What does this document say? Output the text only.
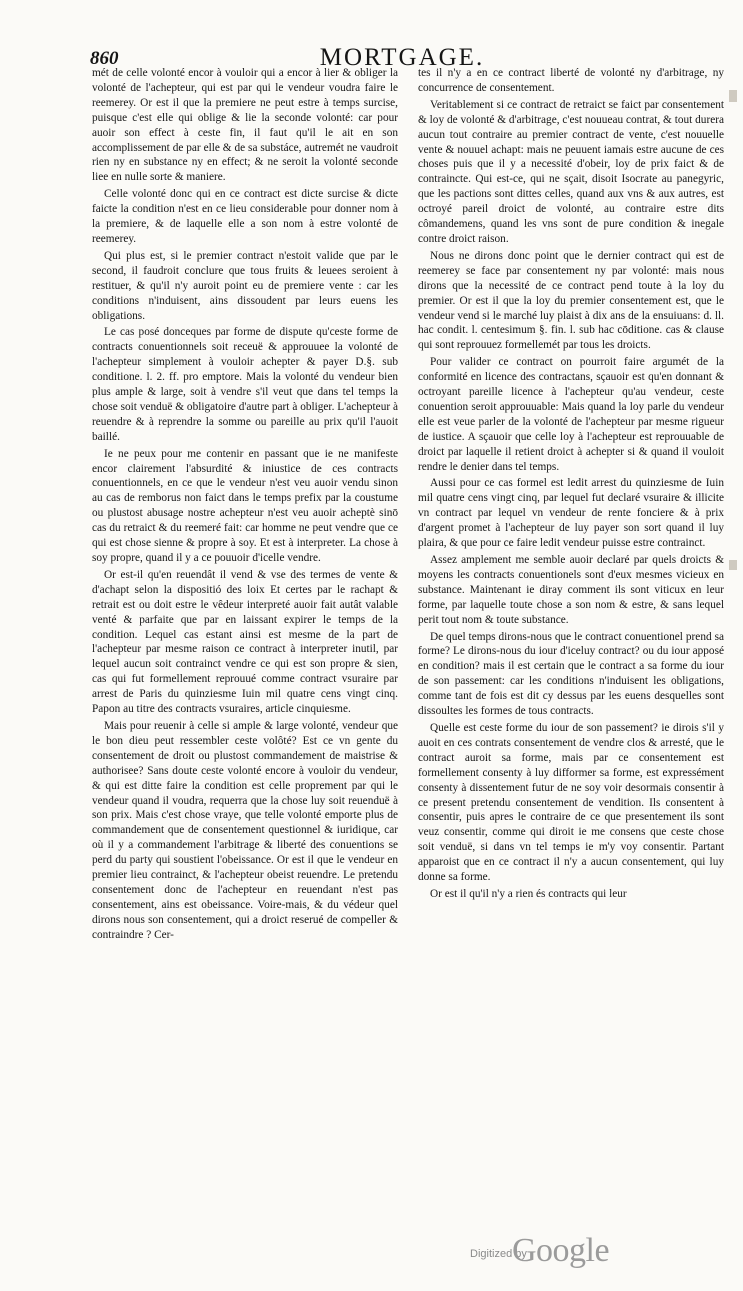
860	MORTGAGE.

mét de celle volonté encor à vouloir qui a encor à lier & obliger la volonté de l'achepteur, qui est par qui le vendeur voudra faire le reemerey. Or est il que la premiere ne peut estre à temps surcise, puisque c'est elle qui oblige & lie la seconde volonté: car pour auoir son effect à ceste fin, il faut qu'il le ait en son accomplissement de par elle & de sa substáce, autremét ne vaudroit rien ny en substance ny en effect; & ne seroit la volonté seconde liee en nulle sorte & maniere.

Celle volonté donc qui en ce contract est dicte surcise & dicte faicte la condition n'est en ce lieu considerable pour donner nom à la premiere, & de laquelle elle a son nom à estre volonté de reemerey.

Qui plus est, si le premier contract n'estoit valide que par le second, il faudroit conclure que tous fruits & leuees seroient à restituer, & qu'il n'y auroit point eu de premiere vente : car les conditions n'induisent, ains dissoudent par leurs euens les obligations.

Le cas posé donceques par forme de dispute qu'ceste forme de contracts conuentionnels soit receuë & approuuee la volonté de l'achepteur simplement à vouloir achepter & payer D.§. sub conditione. l. 2. ff. pro emptore. Mais la volonté du vendeur bien plus ample & large, soit à vendre s'il veut que dans tel temps la chose soit venduë & obligatoire d'autre part à obliger. L'achepteur à reuendre & à reprendre la somme ou pareille au prix qu'il l'auoit baillé.

Ie ne peux pour me contenir en passant que ie ne manifeste encor clairement l'absurdité & iniustice de ces contracts conuentionnels, en ce que le vendeur n'est veu auoir vendu sinon au cas de remborus non faict dans le temps prefix par la coustume ou plustost abusage nostre achepteur n'est veu auoir acheptè sinō cas du retraict & du reemeré fait: car homme ne peut vendre que ce qui est chose sienne & propre à soy. Et est à interpreter. La chose à soy propre, quand il y a ce pouuoir d'icelle vendre.

Or est-il qu'en reuendât il vend & vse des termes de vente & d'achapt selon la dispositió des loix Et certes par le rachapt & retrait est ou doit estre le vêdeur interpreté auoir fait autât valable venté & parfaite que par en laissant expirer le temps de la condition. Lequel cas estant ainsi est mesme de la part de l'achepteur par mesme raison ce contract à interpreter inutil, par lequel aucun soit contrainct vendre ce qui est son propre & sien, cas qui fut formellement reprouué comme contract vsuraire par arrest de Paris du quinziesme Iuin mil quatre cens vingt cinq. Papon au titre des contracts vsuraires, article cinquiesme.

Mais pour reuenir à celle si ample & large volonté, vendeur que le bon dieu peut ressembler ceste volôté? Est ce vn gente du consentement de droit ou plustost commandement de maistrise & authorisee? Sans doute ceste volonté encore à vouloir du vendeur, & qui est ditte faire la condition est celle proprement par qui le vendeur quand il voudra, requerra que la chose luy soit reuenduë à son prix. Mais c'est chose vraye, que telle volonté emporte plus de commandement que de consentement questionnel & iuridique, car où il y a commandement l'arbitrage & liberté des conuentions se perd du party qui soustient l'obeissance. Or est il que le vendeur en premier lieu contrainct, & l'achepteur obeist reuendre. Le pretendu consentement donc de l'achepteur en reuendant n'est pas consentement, ains est obeissance. Voire-mais, & du védeur quel dirons nous son consentement, qui a droict reserué de compeller & contraindre ? Cer-

tes il n'y a en ce contract liberté de volonté ny d'arbitrage, ny concurrence de consentement.

Veritablement si ce contract de retraict se faict par consentement & loy de volonté & d'arbitrage, c'est nouueau contrat, & tout durera aucun tout contraire au premier contract de vente, c'est nouuelle vente & nouuel achapt: mais ne peuuent iamais estre aucune de ces choses puis que il y a necessité d'obeir, loy de prix faict & de contraincte. Qui est-ce, qui ne sçait, disoit Isocrate au panegyric, que les pactions sont dittes celles, quand aux vns & aux autres, est octroyé pareil droict de volonté, au contraire estre dits cômandemens, quand les vns sont de pure condition & inegale contre droict raison.

Nous ne dirons donc point que le dernier contract qui est de reemerey se face par consentement ny par volonté: mais nous dirons que la necessité de ce contract pend toute à la loy du premier. Or est il que la loy du premier consentement est, que le vendeur vend si le marché luy plaist à dix ans de la ensuiuans: d. ll. hac condit. l. centesimum §. fin. l. sub hac cōditione. cas & clause qui sont reprouuez formellemét par tous les droicts.

Pour valider ce contract on pourroit faire argumét de la conformité en licence des contractans, sçauoir est qu'en donnant & octroyant pareille licence à l'achepteur qu'au vendeur, ceste conuention seroit approuuable: Mais quand la loy parle du vendeur elle est veue parler de la volonté de l'achepteur par mesme rigueur de iustice. A sçauoir que celle loy à l'achepteur est reprouuable de droict par laquelle il retient droict à achepter si & quand il vouloit rendre le denier dans tel temps.

Aussi pour ce cas formel est ledit arrest du quinziesme de Iuin mil quatre cens vingt cinq, par lequel fut declaré vsuraire & illicite vn contract par lequel vn vendeur de rente fonciere & à prix d'argent promet à l'achepteur de luy payer son sort quand il luy plaira, & que pour ce faire ledit vendeur puisse estre contrainct.

Assez amplement me semble auoir declaré par quels droicts & moyens les contracts conuentionels sont d'eux mesmes vicieux en substance. Maintenant ie diray comment ils sont viticux en leur forme, par laquelle toute chose a son nom & estre, & sans lequel perit tout nom & toute substance.

De quel temps dirons-nous que le contract conuentionel prend sa forme? Le dirons-nous du iour d'iceluy contract? ou du iour apposé en condition? mais il est certain que le contract a sa forme du iour de son passement: car les conditions n'induisent les obligations, comme tant de fois est dit cy dessus par les euens desquelles sont dissoultes les formes de tous contracts.

Quelle est ceste forme du iour de son passement? ie dirois s'il y auoit en ces contrats consentement de vendre clos & arresté, que le contract auroit sa forme, mais par ce consentement est formellement consenty à luy difformer sa forme, est expressément consenty à dissentement futur de ne soy voir desormais consentir à ce present pretendu consentement de vendition. Ils consentent à consentir, puis apres le contraire de ce que presentement ils sont veuz consentir, comme qui diroit ie me consens que ceste chose soit venduë, si dans vn tel temps ie m'y voy consentir. Partant apparoist que en ce contract il n'y a aucun consentement, qui luy donne sa forme.

Or est il qu'il n'y a rien és contracts qui leur

Digitized by
Google
